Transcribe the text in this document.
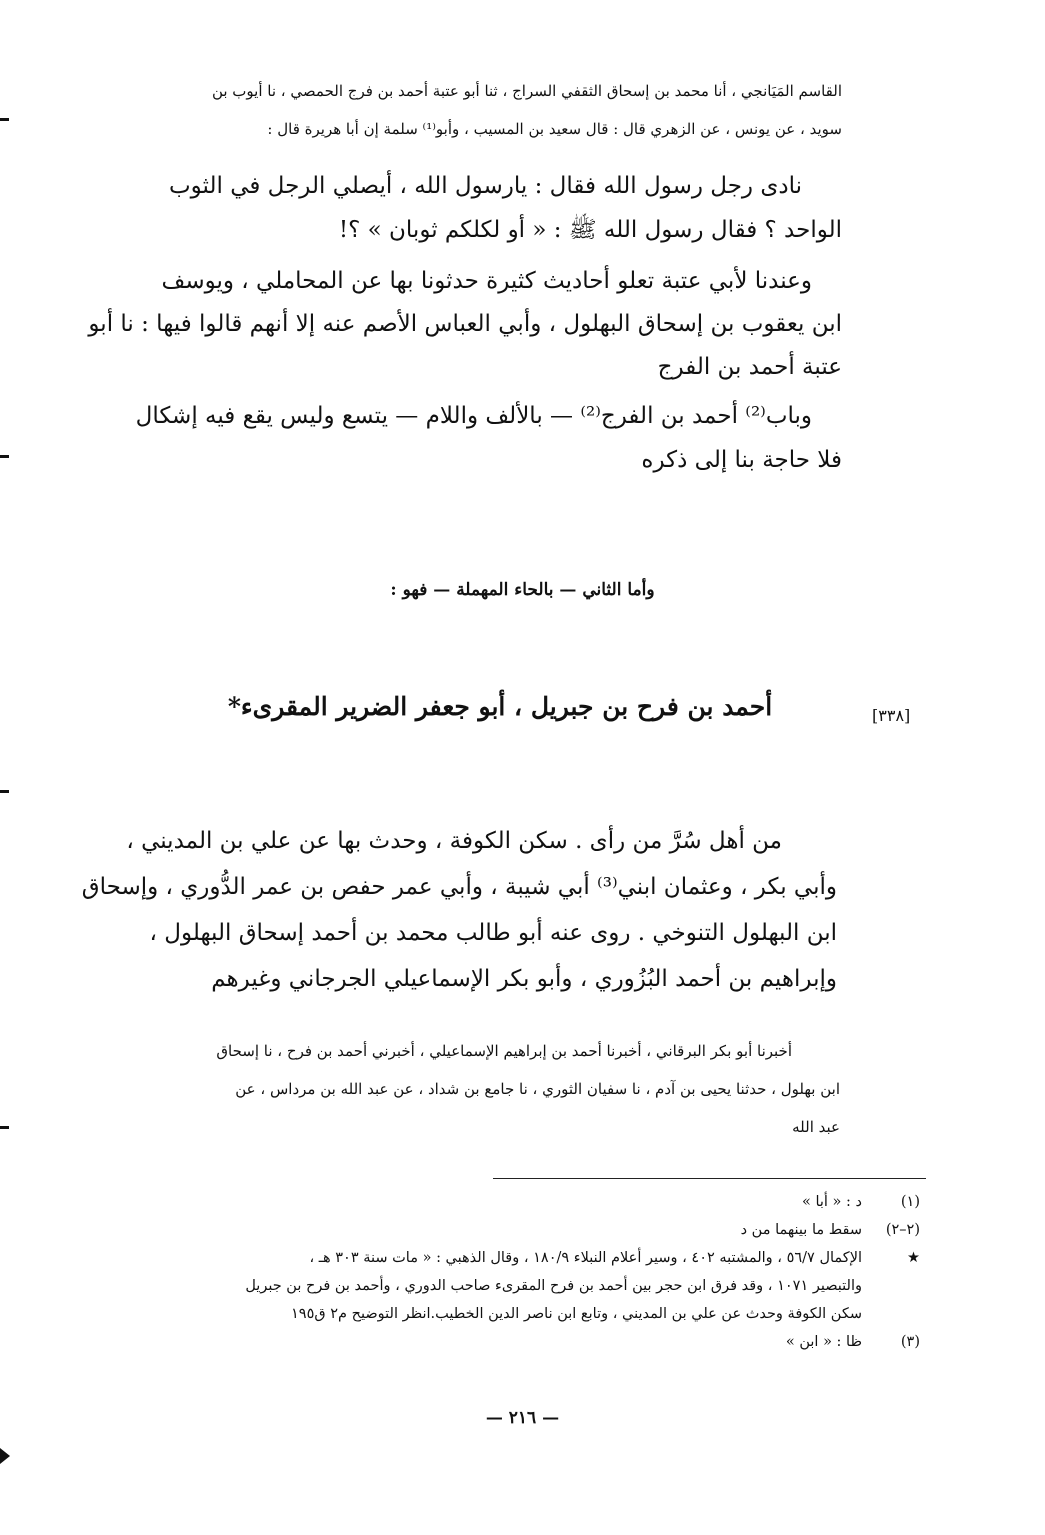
القاسم المَيَانجي ، أنا محمد بن إسحاق الثقفي السراج ، ثنا أبو عتبة أحمد بن فرج الحمصي ، نا أيوب بن
سويد ، عن يونس ، عن الزهري قال : قال سعيد بن المسيب ، وأبو⁽¹⁾ سلمة إن أبا هريرة قال :
نادى رجل رسول الله فقال : يارسول الله ، أيصلي الرجل في الثوب
الواحد ؟ فقال رسول الله ﷺ : « أو لكلكم ثوبان » ؟!
وعندنا لأبي عتبة تعلو أحاديث كثيرة حدثونا بها عن المحاملي ، ويوسف
ابن يعقوب بن إسحاق البهلول ، وأبي العباس الأصم عنه إلا أنهم قالوا فيها : نا أبو
عتبة أحمد بن الفرج
وباب⁽²⁾ أحمد بن الفرج⁽²⁾ — بالألف واللام — يتسع وليس يقع فيه إشكال
فلا حاجة بنا إلى ذكره
وأما الثاني — بالحاء المهملة — فهو :
[٣٣٨]
أحمد بن فرح بن جبريل ، أبو جعفر الضرير المقرىء*
من أهل سُرَّ من رأى . سكن الكوفة ، وحدث بها عن علي بن المديني ،
وأبي بكر ، وعثمان ابني⁽³⁾ أبي شيبة ، وأبي عمر حفص بن عمر الدُّوري ، وإسحاق
ابن البهلول التنوخي . روى عنه أبو طالب محمد بن أحمد إسحاق البهلول ،
وإبراهيم بن أحمد البُزُوري ، وأبو بكر الإسماعيلي الجرجاني وغيرهم
أخبرنا أبو بكر البرقاني ، أخبرنا أحمد بن إبراهيم الإسماعيلي ، أخبرني أحمد بن فرح ، نا إسحاق
ابن بهلول ، حدثنا يحيى بن آدم ، نا سفيان الثوري ، نا جامع بن شداد ، عن عبد الله بن مرداس ، عن
عبد الله
(١)
د : « أبا »
(٢–٢)
سقط ما بينهما من د
★
الإكمال ٥٦/٧ ، والمشتبه ٤٠٢ ، وسير أعلام النبلاء ١٨٠/٩ ، وقال الذهبي : « مات سنة ٣٠٣ هـ ،
والتبصير ١٠٧١ ، وقد فرق ابن حجر بين أحمد بن فرح المقرىء صاحب الدوري ، وأحمد بن فرح بن جبريل
سكن الكوفة وحدث عن علي بن المديني ، وتابع ابن ناصر الدين الخطيب.انظر التوضيح م٢ ق١٩٥
(٣)
ظا : « ابن »
— ٢١٦ —
